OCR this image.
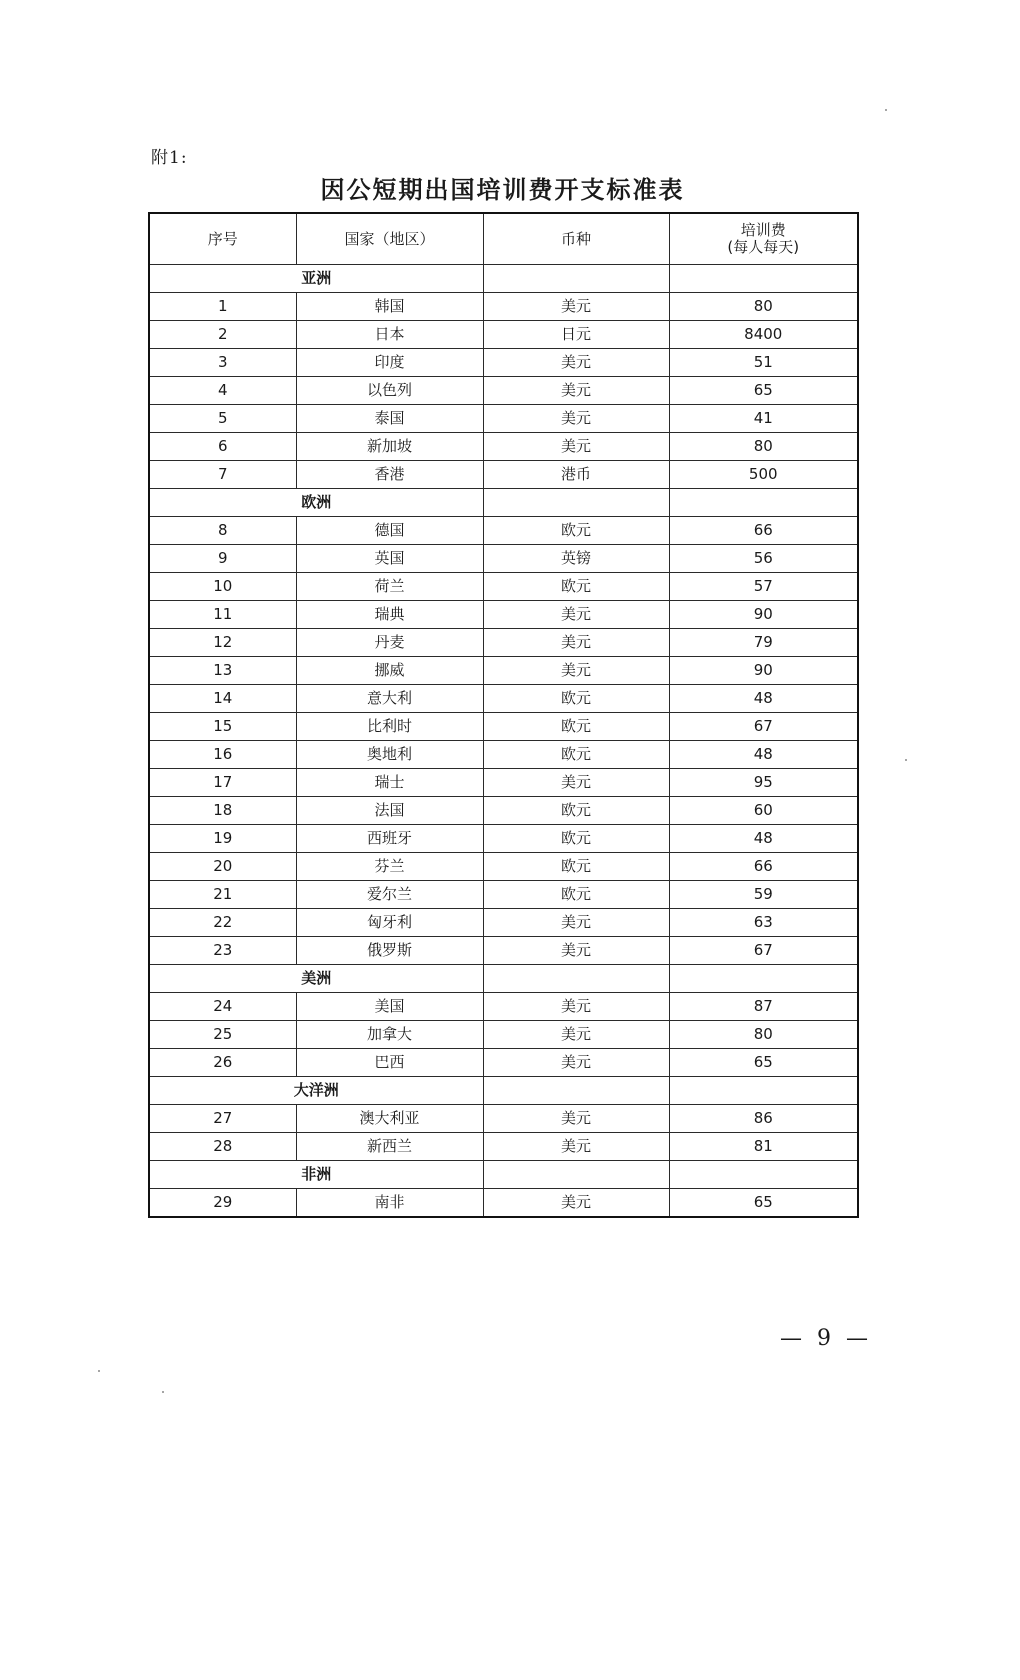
附1:
因公短期出国培训费开支标准表
序号	国家（地区）	币种	培训费
(每人每天)

亚洲			
1	韩国	美元	80
2	日本	日元	8400
3	印度	美元	51
4	以色列	美元	65
5	泰国	美元	41
6	新加坡	美元	80
7	香港	港币	500
欧洲			
8	德国	欧元	66
9	英国	英镑	56
10	荷兰	欧元	57
11	瑞典	美元	90
12	丹麦	美元	79
13	挪威	美元	90
14	意大利	欧元	48
15	比利时	欧元	67
16	奥地利	欧元	48
17	瑞士	美元	95
18	法国	欧元	60
19	西班牙	欧元	48
20	芬兰	欧元	66
21	爱尔兰	欧元	59
22	匈牙利	美元	63
23	俄罗斯	美元	67
美洲			
24	美国	美元	87
25	加拿大	美元	80
26	巴西	美元	65
大洋洲			
27	澳大利亚	美元	86
28	新西兰	美元	81
非洲			
29	南非	美元	65
— 9 —
